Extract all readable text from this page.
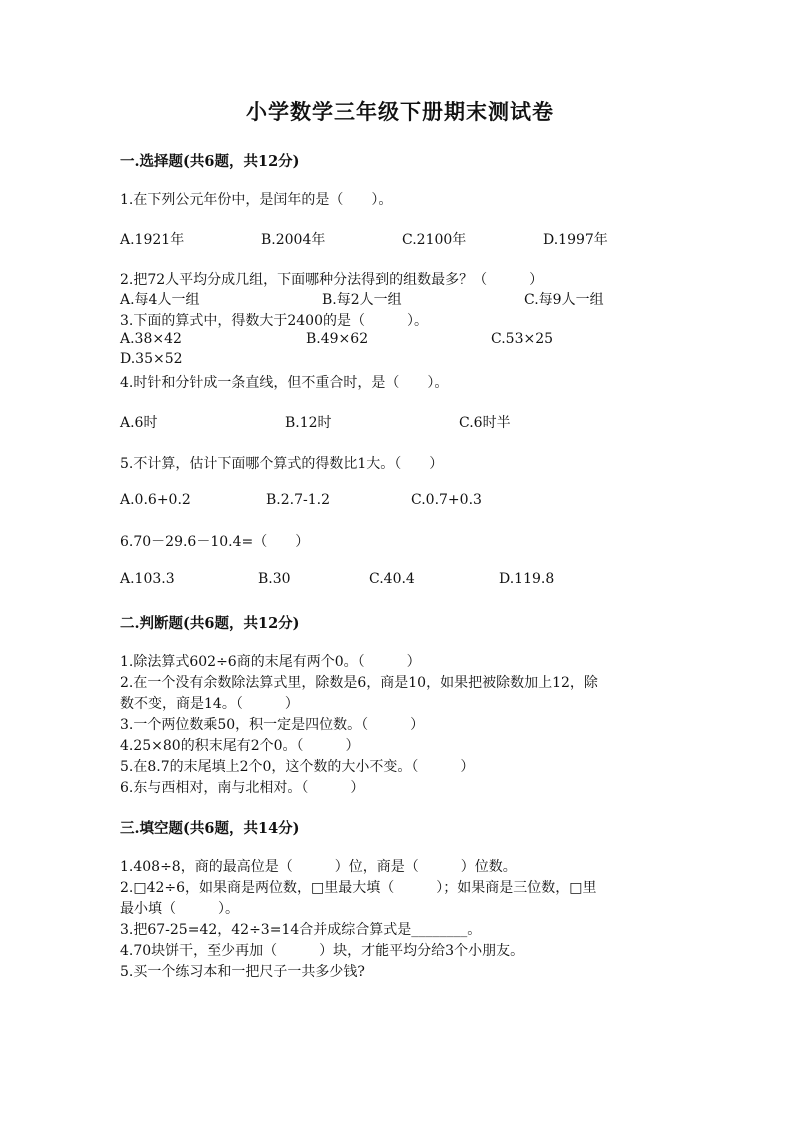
小学数学三年级下册期末测试卷
一.选择题(共6题，共12分)
1.在下列公元年份中，是闰年的是（　　）。
A.1921年	B.2004年	C.2100年	D.1997年
2.把72人平均分成几组，下面哪种分法得到的组数最多？（　　　）
A.每4人一组	B.每2人一组	C.每9人一组
3.下面的算式中，得数大于2400的是（　　　）。
A.38×42	B.49×62	C.53×25
D.35×52
4.时针和分针成一条直线，但不重合时，是（　　）。
A.6时	B.12时	C.6时半
5.不计算，估计下面哪个算式的得数比1大。（　　）
A.0.6+0.2	B.2.7-1.2	C.0.7+0.3
6.70－29.6－10.4=（　　）
A.103.3	B.30	C.40.4	D.119.8
二.判断题(共6题，共12分)
1.除法算式602÷6商的末尾有两个0。（　　　）
2.在一个没有余数除法算式里，除数是6，商是10，如果把被除数加上12，除
数不变，商是14。（　　　）
3.一个两位数乘50，积一定是四位数。（　　　）
4.25×80的积末尾有2个0。（　　　）
5.在8.7的末尾填上2个0，这个数的大小不变。（　　　）
6.东与西相对，南与北相对。（　　　）
三.填空题(共6题，共14分)
1.408÷8，商的最高位是（　　　）位，商是（　　　）位数。
2.□42÷6，如果商是两位数，□里最大填（　　　）；如果商是三位数，□里
最小填（　　　）。
3.把67-25=42，42÷3=14合并成综合算式是________。
4.70块饼干，至少再加（　　　）块，才能平均分给3个小朋友。
5.买一个练习本和一把尺子一共多少钱?
